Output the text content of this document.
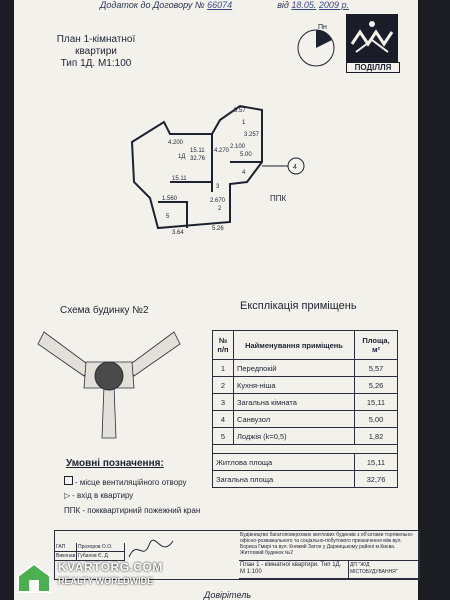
Додаток до Договору № 66074	від 18.05. 2009 р.
План 1-кімнатної
квартири
Тип 1Д. М1:100
Пн
ПОДІЛЛЯ
1Д
15.11
32.76
1
2
3
4
5
5.57
4.200
4.270
3.257
2.100
15.11
1.560	2.670
3.64
5.26
5.00
4
ППК
Схема будинку №2	Експлікація приміщень
№ п/п	Найменування приміщень	Площа, м²
1	Передпокій	5,57
2	Кухня-ніша	5,26
3	Загальна кімната	15,11
4	Санвузол	5,00
5	Лоджія (k=0,5)	1,82

Житлова площа		15,11
Загальна площа		32,76
Умовні позначення:
- місце вентиляційного отвору
▷ - вхід в квартиру
ППК - покквартирний пожежний кран
ГАП	Прохоров О.О.
Виконав Губанов Є. Д.
Будівництво багатоповерхових житлових будинків з об'єктами торгівельно-офісно-розважального та соціально-побутового призначення між вул. Бориса Гмирі та вул. Княжий Затон у Дарницькому районі м.Києва. Житловий будинок №2
План 1 - кімнатної квартири. Тип 1Д. М 1:100
ДП "Ж/Д МІСТОБУДУВАННЯ"
Довірітель
KVARTORG.COM
REALTY WORLDWIDE
